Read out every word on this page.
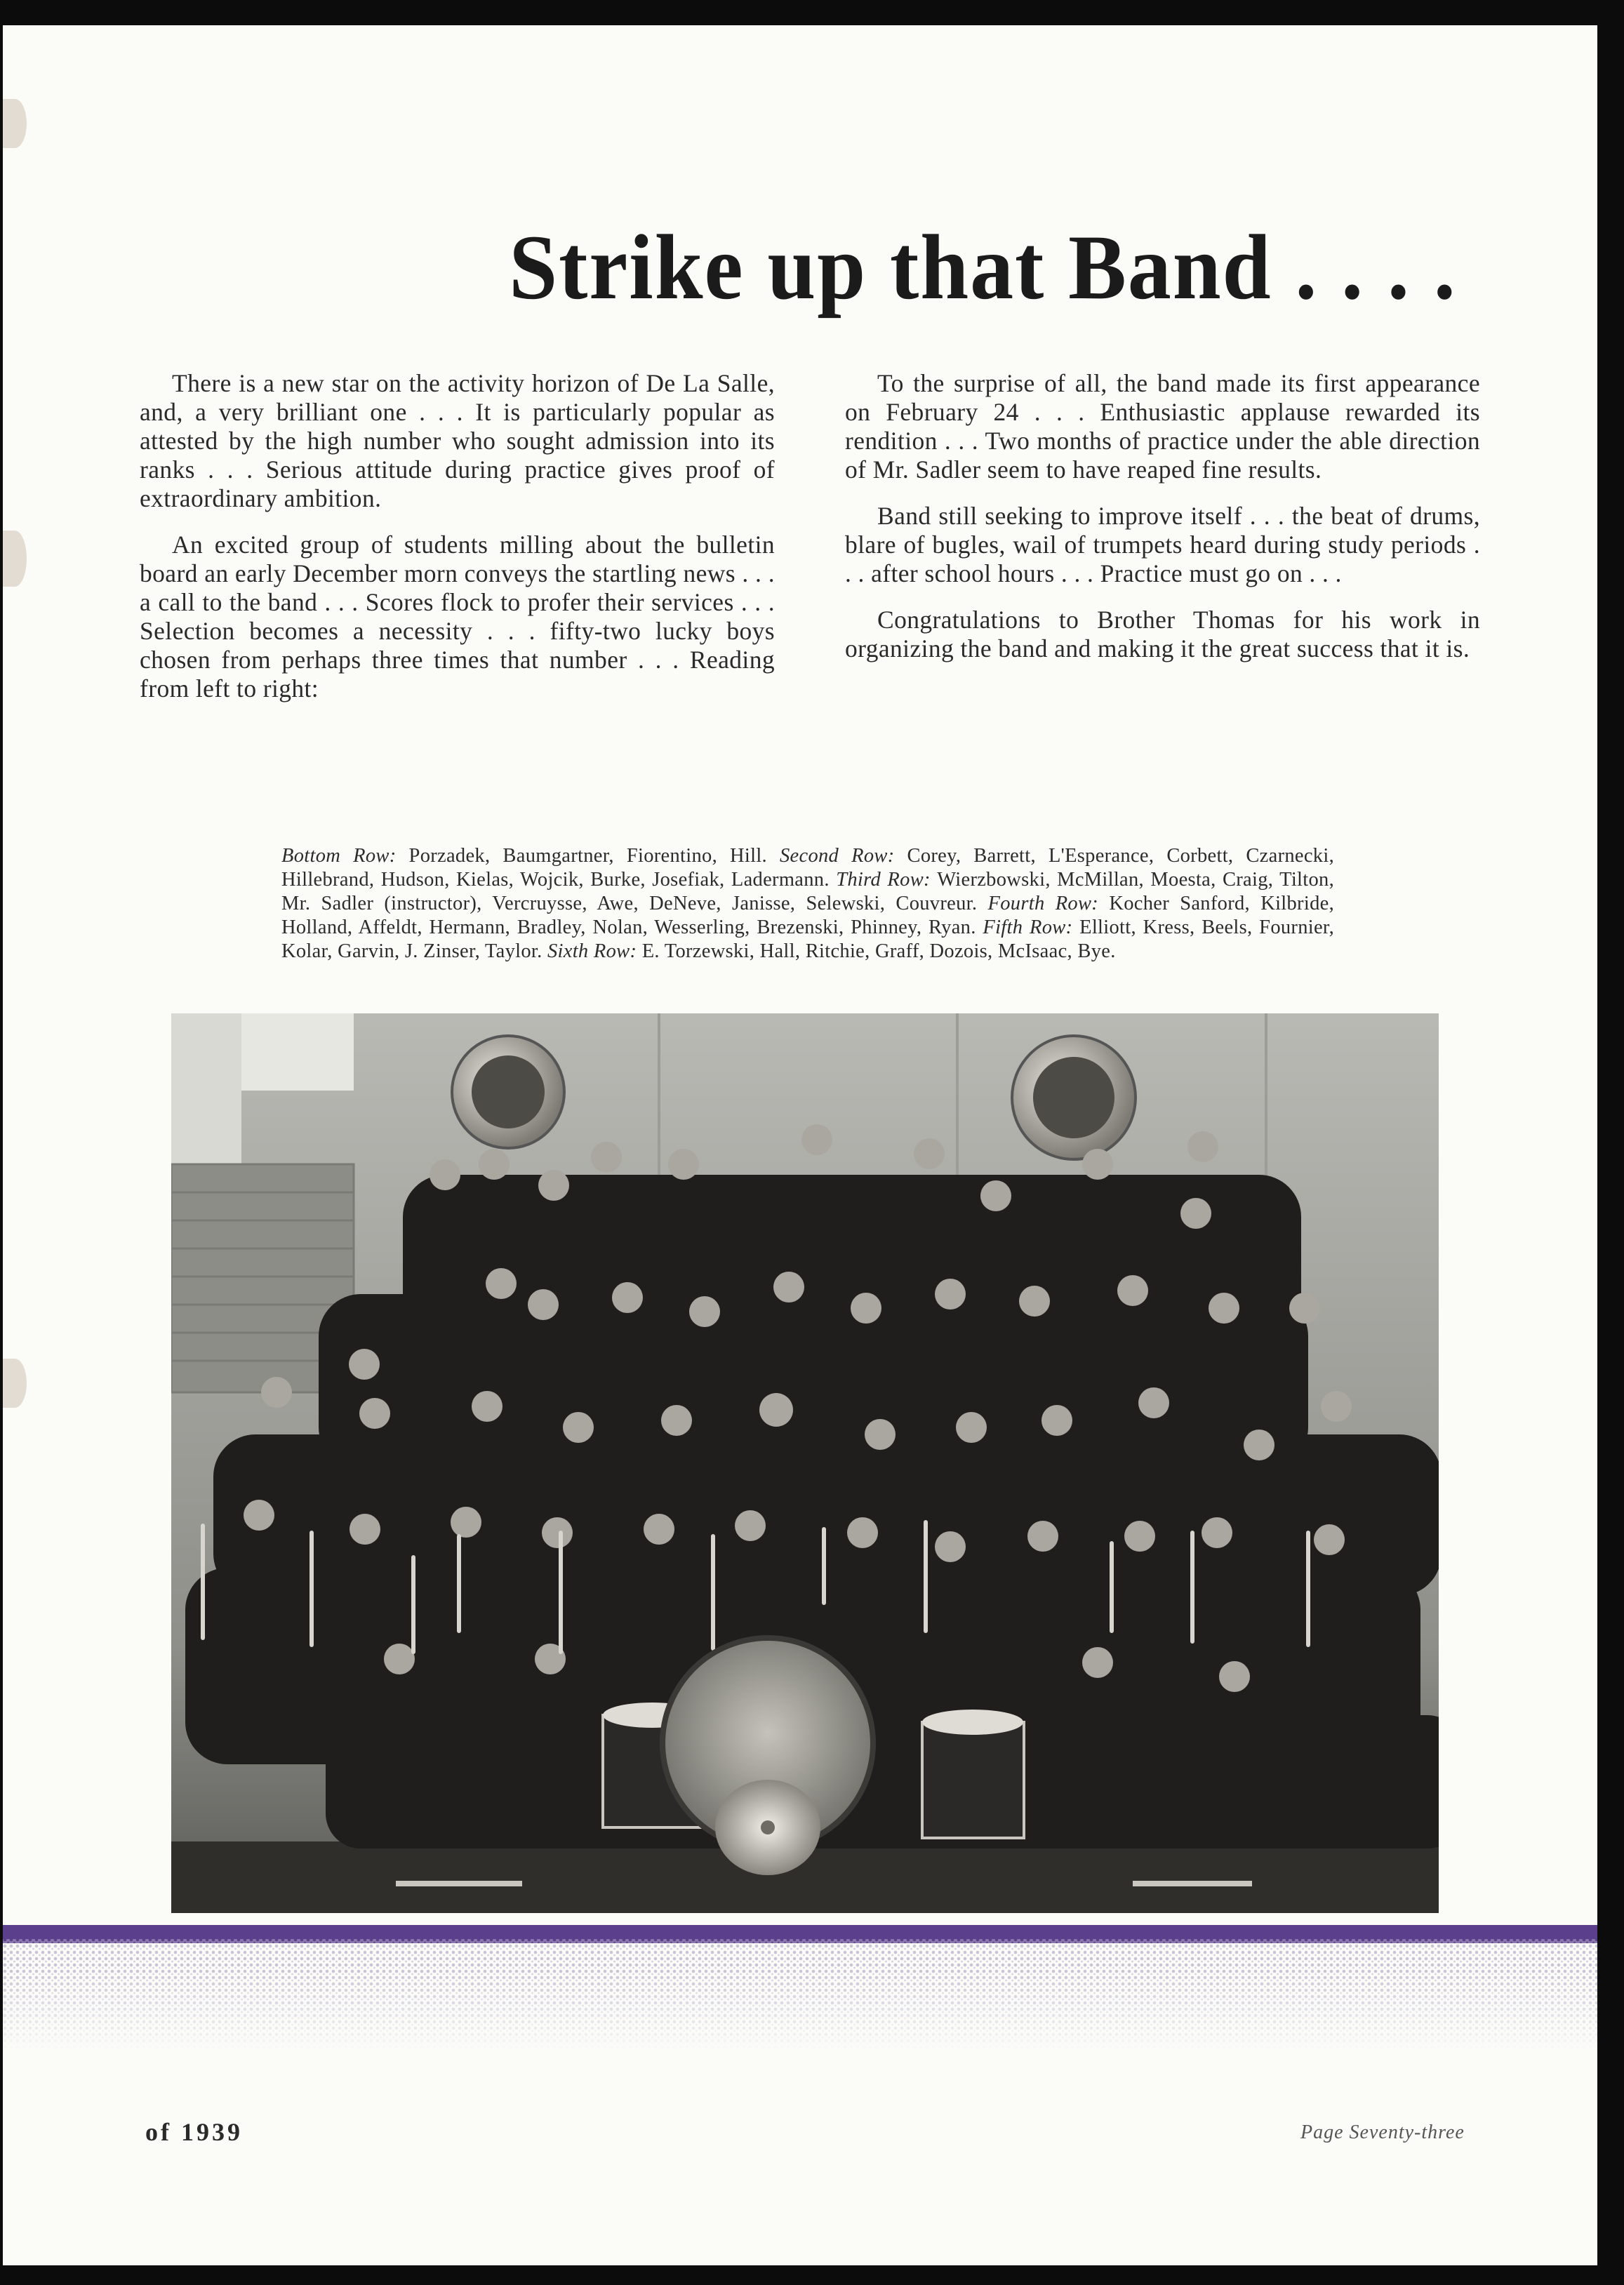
Strike up that Band . . . .

There is a new star on the activity horizon of De La Salle, and, a very brilliant one . . . It is particularly popular as attested by the high number who sought admission into its ranks . . . Serious attitude during practice gives proof of extraordinary ambition.

An excited group of students milling about the bulletin board an early December morn conveys the startling news . . . a call to the band . . . Scores flock to profer their services . . . Selection becomes a necessity . . . fifty-two lucky boys chosen from perhaps three times that number . . . Reading from left to right:

To the surprise of all, the band made its first appearance on February 24 . . . Enthusiastic applause rewarded its rendition . . . Two months of practice under the able direction of Mr. Sadler seem to have reaped fine results.

Band still seeking to improve itself . . . the beat of drums, blare of bugles, wail of trumpets heard during study periods . . . after school hours . . . Practice must go on . . .

Congratulations to Brother Thomas for his work in organizing the band and making it the great success that it is.

Bottom Row: Porzadek, Baumgartner, Fiorentino, Hill. Second Row: Corey, Barrett, L'Esperance, Corbett, Czarnecki, Hillebrand, Hudson, Kielas, Wojcik, Burke, Josefiak, Ladermann. Third Row: Wierzbowski, McMillan, Moesta, Craig, Tilton, Mr. Sadler (instructor), Vercruysse, Awe, DeNeve, Janisse, Selewski, Couvreur. Fourth Row: Kocher Sanford, Kilbride, Holland, Affeldt, Hermann, Bradley, Nolan, Wesserling, Brezenski, Phinney, Ryan. Fifth Row: Elliott, Kress, Beels, Fournier, Kolar, Garvin, J. Zinser, Taylor. Sixth Row: E. Torzewski, Hall, Ritchie, Graff, Dozois, McIsaac, Bye.
of 1939	Page Seventy-three
